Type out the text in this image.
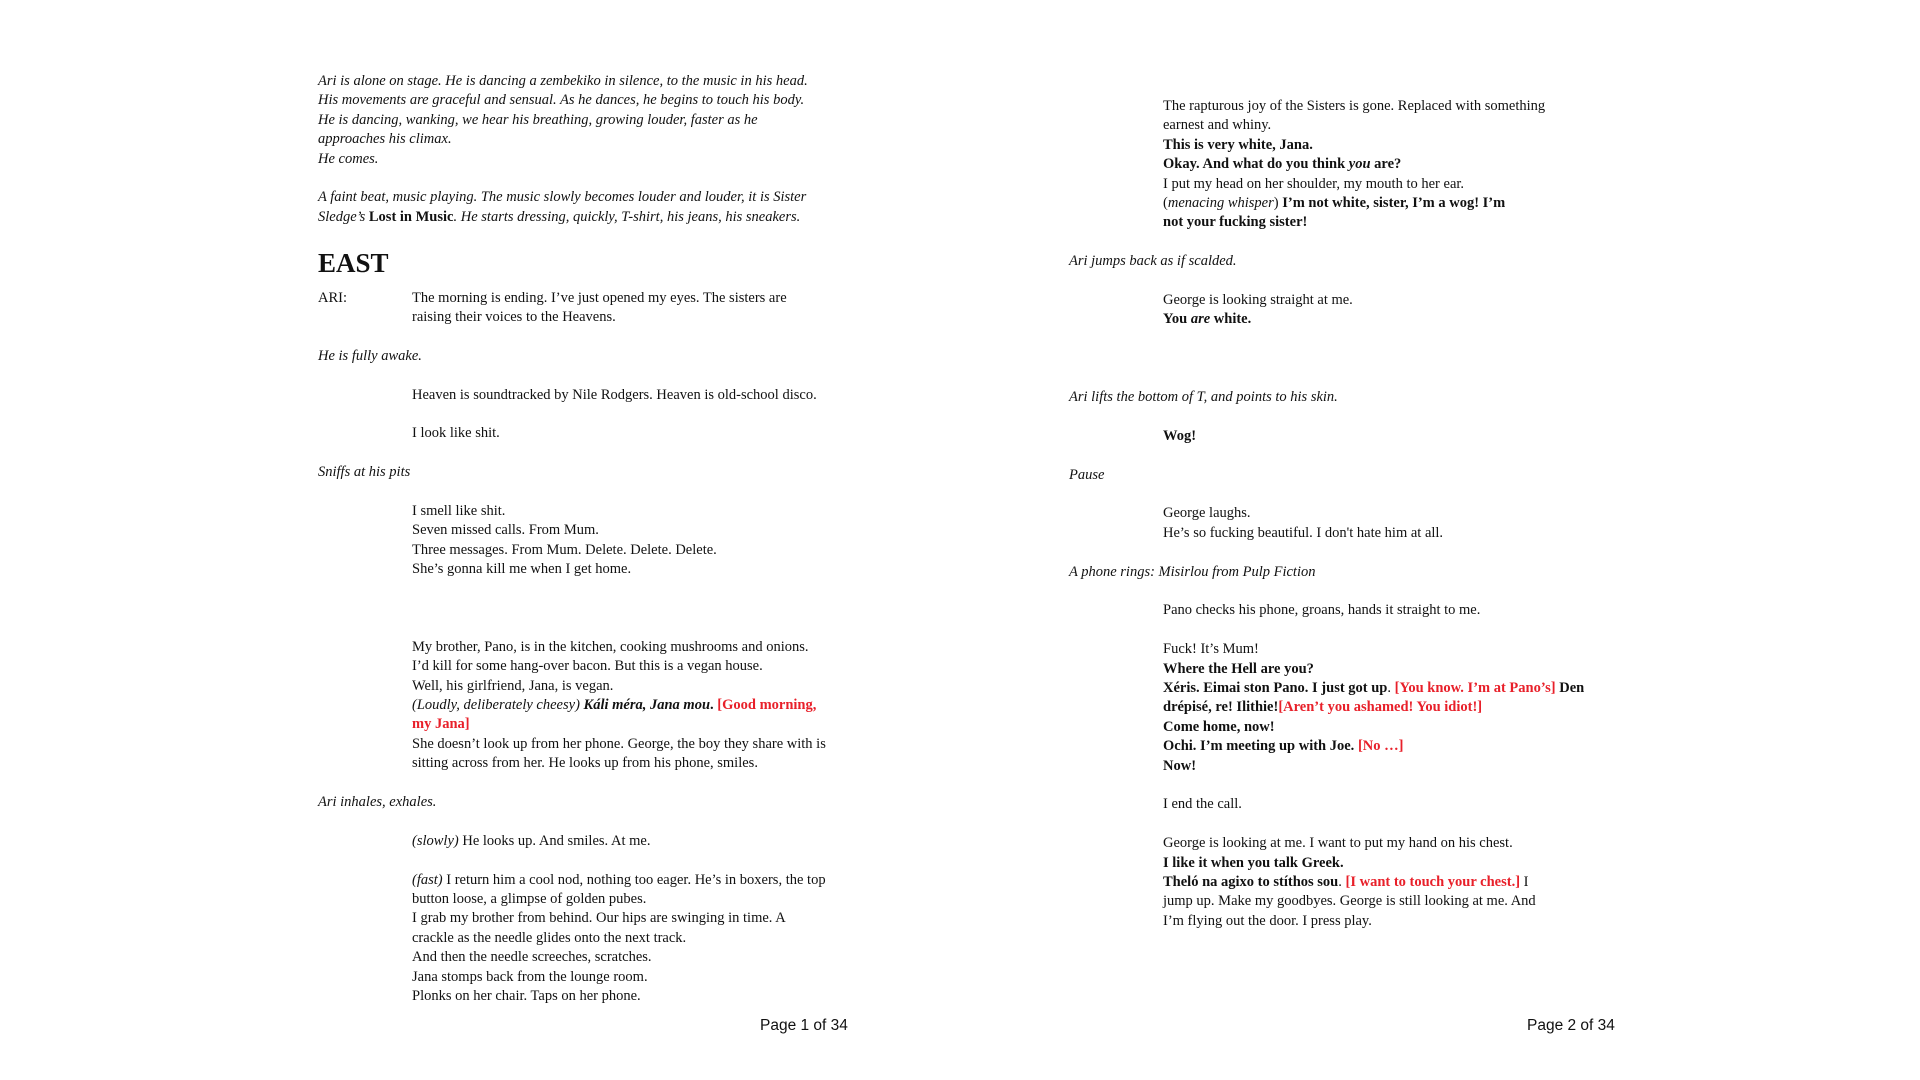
Ari is alone on stage. He is dancing a zembekiko in silence, to the music in his head.
His movements are graceful and sensual. As he dances, he begins to touch his body.
He is dancing, wanking, we hear his breathing, growing louder, faster as he
approaches his climax.
He comes.
A faint beat, music playing. The music slowly becomes louder and louder, it is Sister
Sledge’s Lost in Music. He starts dressing, quickly, T-shirt, his jeans, his sneakers.
EAST
ARI:	The morning is ending. I’ve just opened my eyes. The sisters are
raising their voices to the Heavens.
He is fully awake.
Heaven is soundtracked by Nile Rodgers. Heaven is old-school disco.
I look like shit.
Sniffs at his pits
I smell like shit.
Seven missed calls. From Mum.
Three messages. From Mum. Delete. Delete. Delete.
She’s gonna kill me when I get home.
My brother, Pano, is in the kitchen, cooking mushrooms and onions.
I’d kill for some hang-over bacon. But this is a vegan house.
Well, his girlfriend, Jana, is vegan.
(Loudly, deliberately cheesy) Káli méra, Jana mou. [Good morning,
my Jana]
She doesn’t look up from her phone. George, the boy they share with is
sitting across from her. He looks up from his phone, smiles.
Ari inhales, exhales.
(slowly) He looks up. And smiles. At me.
(fast) I return him a cool nod, nothing too eager. He’s in boxers, the top
button loose, a glimpse of golden pubes.
I grab my brother from behind. Our hips are swinging in time. A
crackle as the needle glides onto the next track.
And then the needle screeches, scratches.
Jana stomps back from the lounge room.
Plonks on her chair. Taps on her phone.
Page 1 of 34
The rapturous joy of the Sisters is gone. Replaced with something
earnest and whiny.
This is very white, Jana.
Okay. And what do you think you are?
I put my head on her shoulder, my mouth to her ear.
(menacing whisper) I’m not white, sister, I’m a wog! I’m
not your fucking sister!
Ari jumps back as if scalded.
George is looking straight at me.
You are white.
Ari lifts the bottom of T, and points to his skin.
Wog!
Pause
George laughs.
He’s so fucking beautiful. I don't hate him at all.
A phone rings: Misirlou from Pulp Fiction
Pano checks his phone, groans, hands it straight to me.
Fuck! It’s Mum!
Where the Hell are you?
Xéris. Eimai ston Pano. I just got up. [You know. I’m at Pano’s] Den
drépisé, re! Ilithie![Aren’t you ashamed! You idiot!]
Come home, now!
Ochi. I’m meeting up with Joe. [No …]
Now!
I end the call.
George is looking at me. I want to put my hand on his chest.
I like it when you talk Greek.
Theló na agixo to stíthos sou. [I want to touch your chest.] I
jump up. Make my goodbyes. George is still looking at me. And
I’m flying out the door. I press play.
Page 2 of 34
